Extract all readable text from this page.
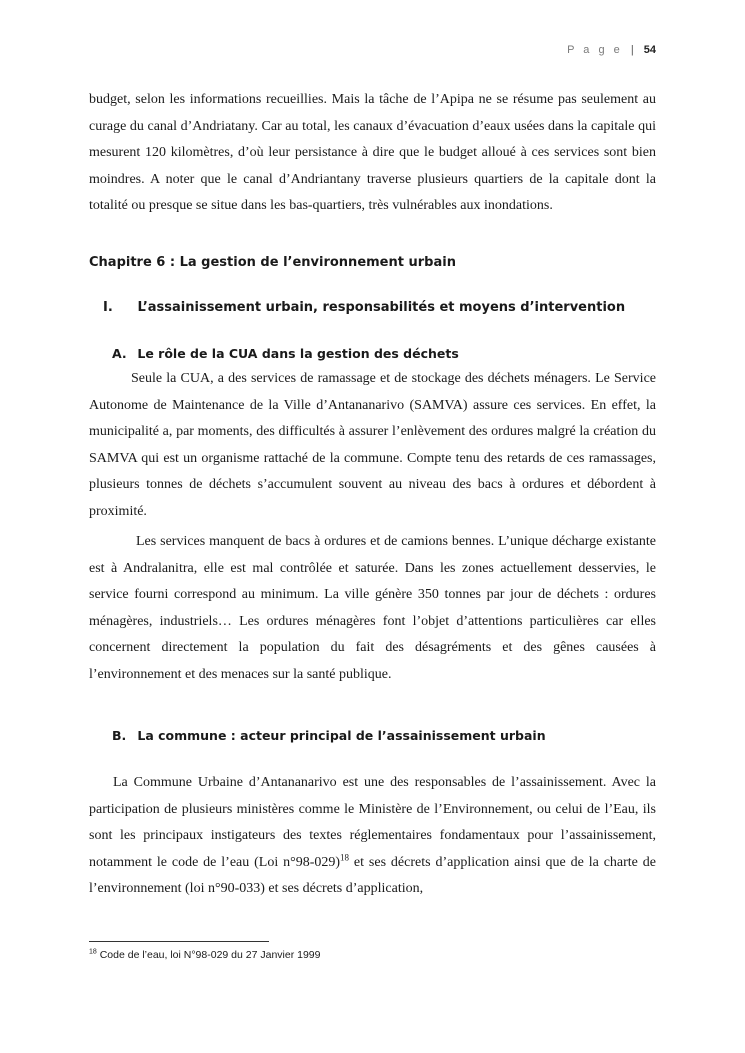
P a g e | 54

budget, selon les informations recueillies. Mais la tâche de l’Apipa ne se résume pas seulement au curage du canal d’Andriatany. Car au total, les canaux d’évacuation d’eaux usées dans la capitale qui mesurent 120 kilomètres, d’où leur persistance à dire que le budget alloué à ces services sont bien moindres. A noter que le canal d’Andriantany traverse plusieurs quartiers de la capitale dont la totalité ou presque se situe dans les bas-quartiers, très vulnérables aux inondations.

Chapitre 6 : La gestion de l’environnement urbain
I. L’assainissement urbain, responsabilités et moyens d’intervention
A. Le rôle de la CUA dans la gestion des déchets

Seule la CUA, a des services de ramassage et de stockage des déchets ménagers. Le Service Autonome de Maintenance de la Ville d’Antananarivo (SAMVA) assure ces services. En effet, la municipalité a, par moments, des difficultés à assurer l’enlèvement des ordures malgré la création du SAMVA qui est un organisme rattaché de la commune. Compte tenu des retards de ces ramassages, plusieurs tonnes de déchets s’accumulent souvent au niveau des bacs à ordures et débordent à proximité.

Les services manquent de bacs à ordures et de camions bennes. L’unique décharge existante est à Andralanitra, elle est mal contrôlée et saturée. Dans les zones actuellement desservies, le service fourni correspond au minimum. La ville génère 350 tonnes par jour de déchets : ordures ménagères, industriels… Les ordures ménagères font l’objet d’attentions particulières car elles concernent directement la population du fait des désagréments et des gênes causées à l’environnement et des menaces sur la santé publique.

B. La commune : acteur principal de l’assainissement urbain

La Commune Urbaine d’Antananarivo est une des responsables de l’assainissement. Avec la participation de plusieurs ministères comme le Ministère de l’Environnement, ou celui de l’Eau, ils sont les principaux instigateurs des textes réglementaires fondamentaux pour l’assainissement, notamment le code de l’eau (Loi n°98-029)$^{18}$ et ses décrets d’application ainsi que de la charte de l’environnement (loi n°90-033) et ses décrets d’application,

$^{18}$ Code de l’eau, loi N°98-029 du 27 Janvier 1999
